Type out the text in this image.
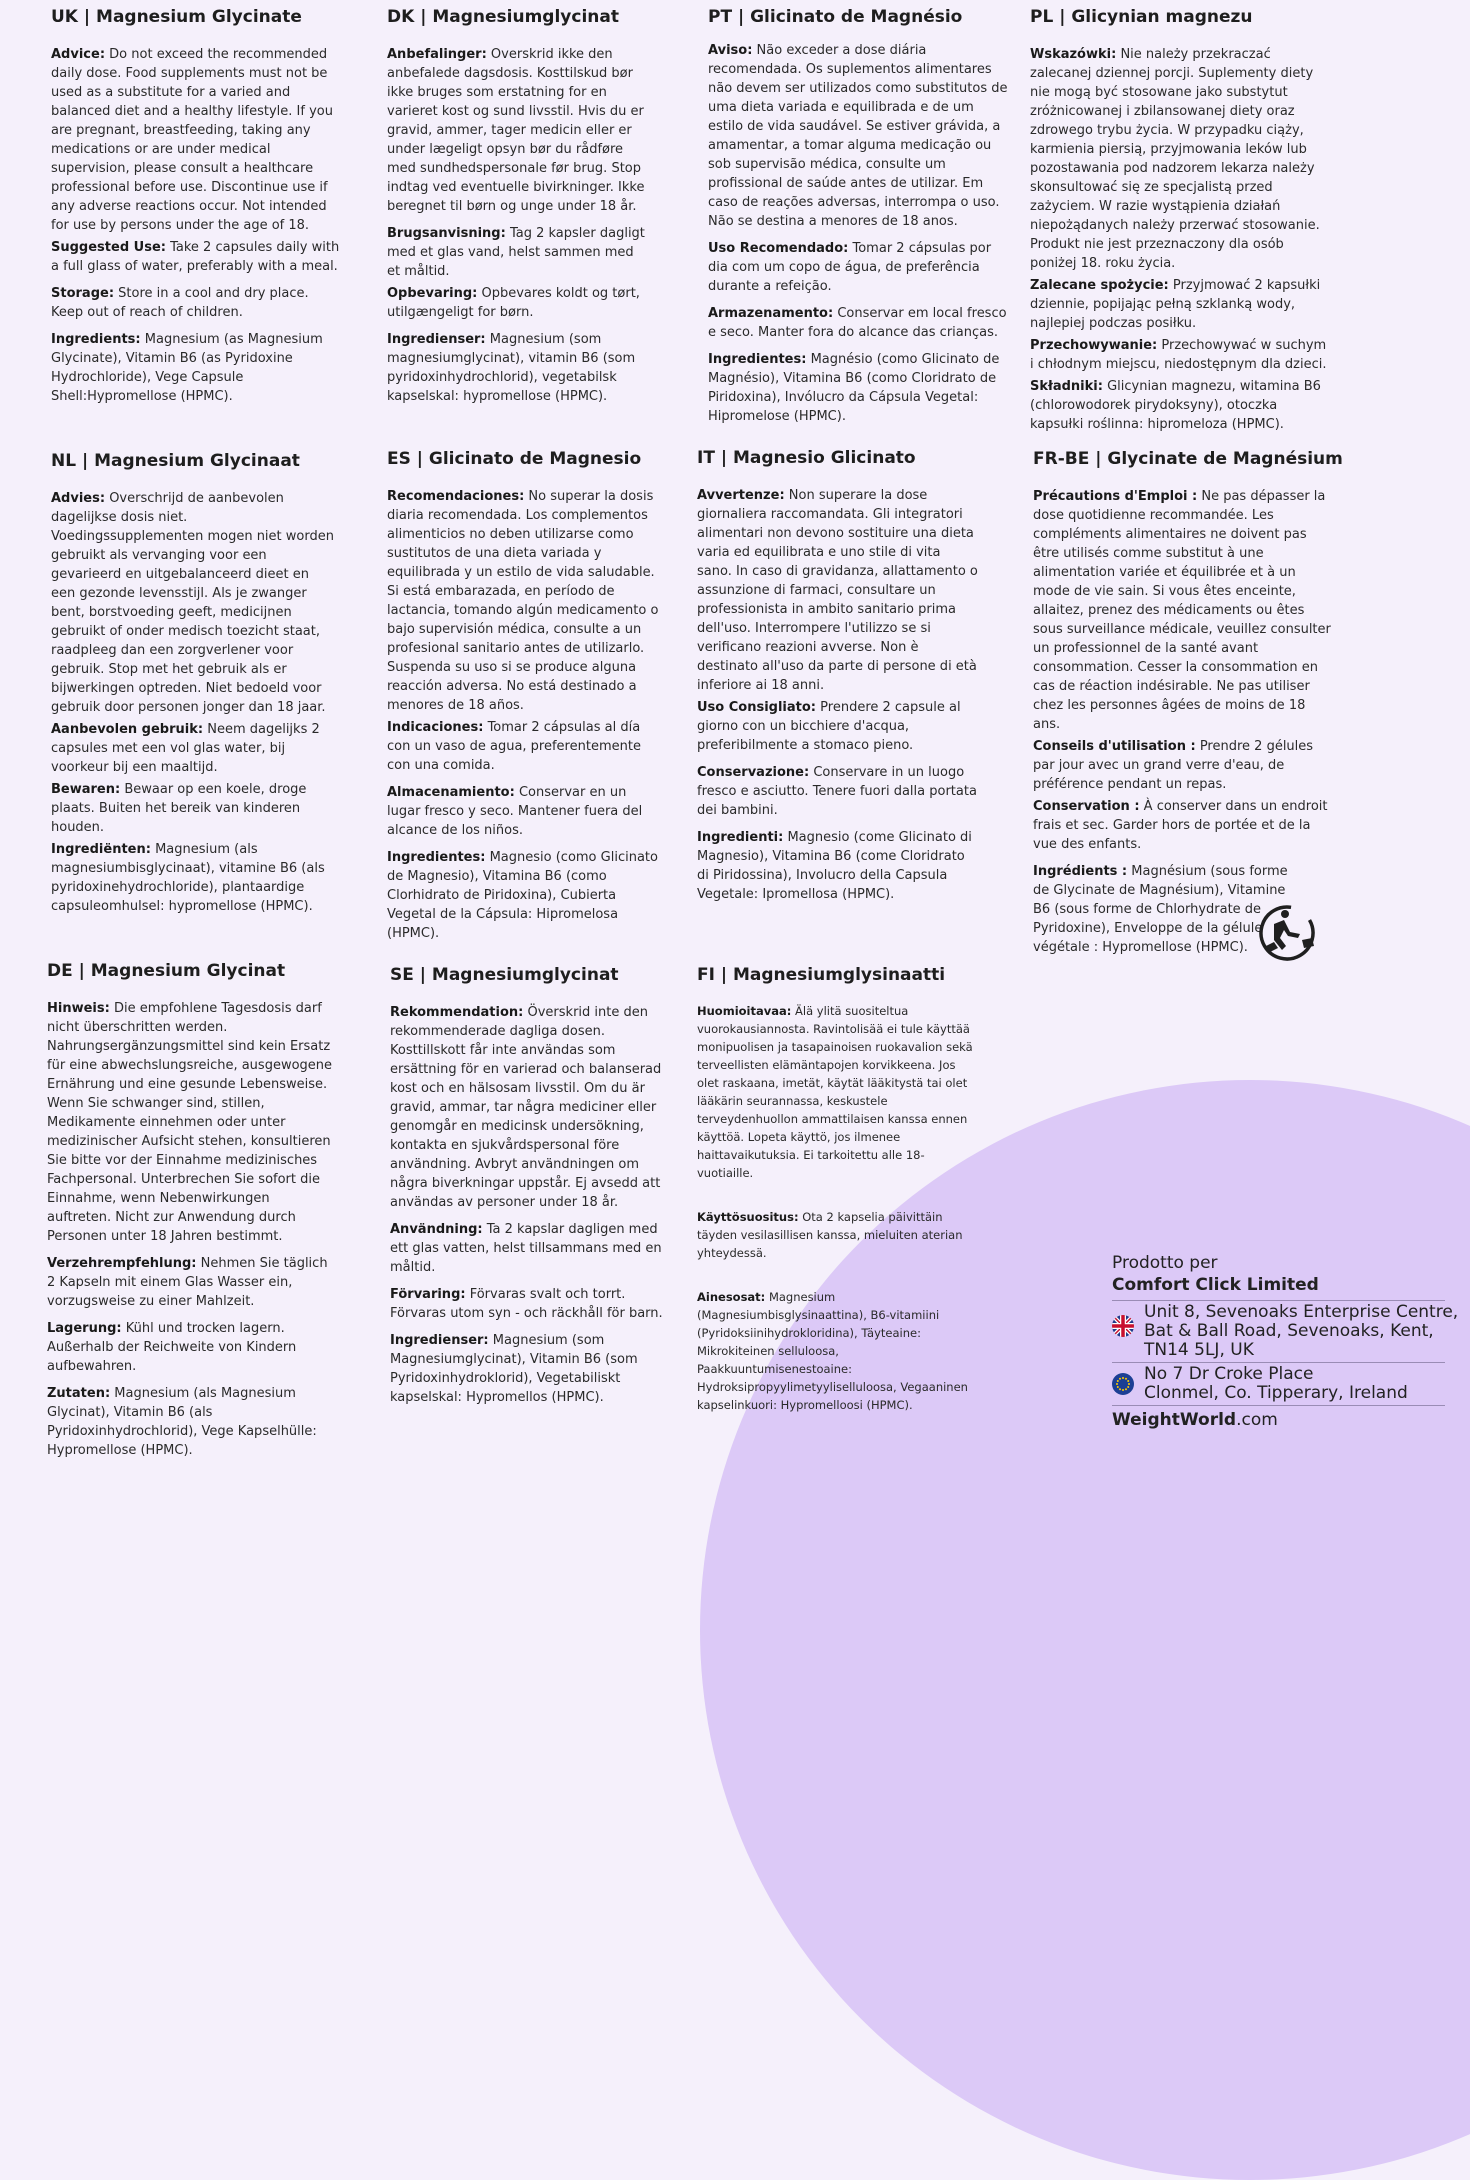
UK | Magnesium Glycinate

Advice: Do not exceed the recommended daily dose. Food supplements must not be used as a substitute for a varied and balanced diet and a healthy lifestyle. If you are pregnant, breastfeeding, taking any medications or are under medical supervision, please consult a healthcare professional before use. Discontinue use if any adverse reactions occur. Not intended for use by persons under the age of 18.

Suggested Use: Take 2 capsules daily with a full glass of water, preferably with a meal.

Storage: Store in a cool and dry place. Keep out of reach of children.

Ingredients: Magnesium (as Magnesium Glycinate), Vitamin B6 (as Pyridoxine Hydrochloride), Vege Capsule Shell:Hypromellose (HPMC).

DK | Magnesiumglycinat

Anbefalinger: Overskrid ikke den anbefalede dagsdosis. Kosttilskud bør ikke bruges som erstatning for en varieret kost og sund livsstil. Hvis du er gravid, ammer, tager medicin eller er under lægeligt opsyn bør du rådføre med sundhedspersonale før brug. Stop indtag ved eventuelle bivirkninger. Ikke beregnet til børn og unge under 18 år.

Brugsanvisning: Tag 2 kapsler dagligt med et glas vand, helst sammen med et måltid.

Opbevaring: Opbevares koldt og tørt, utilgængeligt for børn.

Ingredienser: Magnesium (som magnesiumglycinat), vitamin B6 (som pyridoxinhydrochlorid), vegetabilsk kapselskal: hypromellose (HPMC).

PT | Glicinato de Magnésio

Aviso: Não exceder a dose diária recomendada. Os suplementos alimentares não devem ser utilizados como substitutos de uma dieta variada e equilibrada e de um estilo de vida saudável. Se estiver grávida, a amamentar, a tomar alguma medicação ou sob supervisão médica, consulte um profissional de saúde antes de utilizar. Em caso de reações adversas, interrompa o uso. Não se destina a menores de 18 anos.

Uso Recomendado: Tomar 2 cápsulas por dia com um copo de água, de preferência durante a refeição.

Armazenamento: Conservar em local fresco e seco. Manter fora do alcance das crianças.

Ingredientes: Magnésio (como Glicinato de Magnésio), Vitamina B6 (como Cloridrato de Piridoxina), Invólucro da Cápsula Vegetal: Hipromelose (HPMC).

PL | Glicynian magnezu

Wskazówki: Nie należy przekraczać zalecanej dziennej porcji. Suplementy diety nie mogą być stosowane jako substytut zróżnicowanej i zbilansowanej diety oraz zdrowego trybu życia. W przypadku ciąży, karmienia piersią, przyjmowania leków lub pozostawania pod nadzorem lekarza należy skonsultować się ze specjalistą przed zażyciem. W razie wystąpienia działań niepożądanych należy przerwać stosowanie. Produkt nie jest przeznaczony dla osób poniżej 18. roku życia.

Zalecane spożycie: Przyjmować 2 kapsułki dziennie, popijając pełną szklanką wody, najlepiej podczas posiłku.

Przechowywanie: Przechowywać w suchym i chłodnym miejscu, niedostępnym dla dzieci.

Składniki: Glicynian magnezu, witamina B6 (chlorowodorek pirydoksyny), otoczka kapsułki roślinna: hipromeloza (HPMC).

NL | Magnesium Glycinaat

Advies: Overschrijd de aanbevolen dagelijkse dosis niet. Voedingssupplementen mogen niet worden gebruikt als vervanging voor een gevarieerd en uitgebalanceerd dieet en een gezonde levensstijl. Als je zwanger bent, borstvoeding geeft, medicijnen gebruikt of onder medisch toezicht staat, raadpleeg dan een zorgverlener voor gebruik. Stop met het gebruik als er bijwerkingen optreden. Niet bedoeld voor gebruik door personen jonger dan 18 jaar.

Aanbevolen gebruik: Neem dagelijks 2 capsules met een vol glas water, bij voorkeur bij een maaltijd.

Bewaren: Bewaar op een koele, droge plaats. Buiten het bereik van kinderen houden.

Ingrediënten: Magnesium (als magnesiumbisglycinaat), vitamine B6 (als pyridoxinehydrochloride), plantaardige capsuleomhulsel: hypromellose (HPMC).

ES | Glicinato de Magnesio

Recomendaciones: No superar la dosis diaria recomendada. Los complementos alimenticios no deben utilizarse como sustitutos de una dieta variada y equilibrada y un estilo de vida saludable. Si está embarazada, en período de lactancia, tomando algún medicamento o bajo supervisión médica, consulte a un profesional sanitario antes de utilizarlo. Suspenda su uso si se produce alguna reacción adversa. No está destinado a menores de 18 años.

Indicaciones: Tomar 2 cápsulas al día con un vaso de agua, preferentemente con una comida.

Almacenamiento: Conservar en un lugar fresco y seco. Mantener fuera del alcance de los niños.

Ingredientes: Magnesio (como Glicinato de Magnesio), Vitamina B6 (como Clorhidrato de Piridoxina), Cubierta Vegetal de la Cápsula: Hipromelosa (HPMC).

IT | Magnesio Glicinato

Avvertenze: Non superare la dose giornaliera raccomandata. Gli integratori alimentari non devono sostituire una dieta varia ed equilibrata e uno stile di vita sano. In caso di gravidanza, allattamento o assunzione di farmaci, consultare un professionista in ambito sanitario prima dell'uso. Interrompere l'utilizzo se si verificano reazioni avverse. Non è destinato all'uso da parte di persone di età inferiore ai 18 anni.

Uso Consigliato: Prendere 2 capsule al giorno con un bicchiere d'acqua, preferibilmente a stomaco pieno.

Conservazione: Conservare in un luogo fresco e asciutto. Tenere fuori dalla portata dei bambini.

Ingredienti: Magnesio (come Glicinato di Magnesio), Vitamina B6 (come Cloridrato di Piridossina), Involucro della Capsula Vegetale: Ipromellosa (HPMC).

FR-BE | Glycinate de Magnésium

Précautions d'Emploi : Ne pas dépasser la dose quotidienne recommandée. Les compléments alimentaires ne doivent pas être utilisés comme substitut à une alimentation variée et équilibrée et à un mode de vie sain. Si vous êtes enceinte, allaitez, prenez des médicaments ou êtes sous surveillance médicale, veuillez consulter un professionnel de la santé avant consommation. Cesser la consommation en cas de réaction indésirable. Ne pas utiliser chez les personnes âgées de moins de 18 ans.

Conseils d'utilisation : Prendre 2 gélules par jour avec un grand verre d'eau, de préférence pendant un repas.

Conservation : À conserver dans un endroit frais et sec. Garder hors de portée et de la vue des enfants.

Ingrédients : Magnésium (sous forme de Glycinate de Magnésium), Vitamine B6 (sous forme de Chlorhydrate de Pyridoxine), Enveloppe de la gélule végétale : Hypromellose (HPMC).

DE | Magnesium Glycinat

Hinweis: Die empfohlene Tagesdosis darf nicht überschritten werden. Nahrungsergänzungsmittel sind kein Ersatz für eine abwechslungsreiche, ausgewogene Ernährung und eine gesunde Lebensweise. Wenn Sie schwanger sind, stillen, Medikamente einnehmen oder unter medizinischer Aufsicht stehen, konsultieren Sie bitte vor der Einnahme medizinisches Fachpersonal. Unterbrechen Sie sofort die Einnahme, wenn Nebenwirkungen auftreten. Nicht zur Anwendung durch Personen unter 18 Jahren bestimmt.

Verzehrempfehlung: Nehmen Sie täglich 2 Kapseln mit einem Glas Wasser ein, vorzugsweise zu einer Mahlzeit.

Lagerung: Kühl und trocken lagern. Außerhalb der Reichweite von Kindern aufbewahren.

Zutaten: Magnesium (als Magnesium Glycinat), Vitamin B6 (als Pyridoxinhydrochlorid), Vege Kapselhülle: Hypromellose (HPMC).

SE | Magnesiumglycinat

Rekommendation: Överskrid inte den rekommenderade dagliga dosen. Kosttillskott får inte användas som ersättning för en varierad och balanserad kost och en hälsosam livsstil. Om du är gravid, ammar, tar några mediciner eller genomgår en medicinsk undersökning, kontakta en sjukvårdspersonal före användning. Avbryt användningen om några biverkningar uppstår. Ej avsedd att användas av personer under 18 år.

Användning: Ta 2 kapslar dagligen med ett glas vatten, helst tillsammans med en måltid.

Förvaring: Förvaras svalt och torrt. Förvaras utom syn - och räckhåll för barn.

Ingredienser: Magnesium (som Magnesiumglycinat), Vitamin B6 (som Pyridoxinhydroklorid), Vegetabiliskt kapselskal: Hypromellos (HPMC).

FI | Magnesiumglysinaatti

Huomioitavaa: Älä ylitä suositeltua vuorokausiannosta. Ravintolisää ei tule käyttää monipuolisen ja tasapainoisen ruokavalion sekä terveellisten elämäntapojen korvikkeena. Jos olet raskaana, imetät, käytät lääkitystä tai olet lääkärin seurannassa, keskustele terveydenhuollon ammattilaisen kanssa ennen käyttöä. Lopeta käyttö, jos ilmenee haittavaikutuksia. Ei tarkoitettu alle 18-vuotiaille.

Käyttösuositus: Ota 2 kapselia päivittäin täyden vesilasillisen kanssa, mieluiten aterian yhteydessä.

Ainesosat: Magnesium (Magnesiumbisglysinaattina), B6-vitamiini (Pyridoksiinihydrokloridina), Täyteaine: Mikrokiteinen selluloosa, Paakkuuntumisenestoaine: Hydroksipropyylimetyyliselluloosa, Vegaaninen kapselinkuori: Hypromelloosi (HPMC).

Prodotto per
Comfort Click Limited
Unit 8, Sevenoaks Enterprise Centre,
Bat & Ball Road, Sevenoaks, Kent,
TN14 5LJ, UK
No 7 Dr Croke Place
Clonmel, Co. Tipperary, Ireland
WeightWorld.com
